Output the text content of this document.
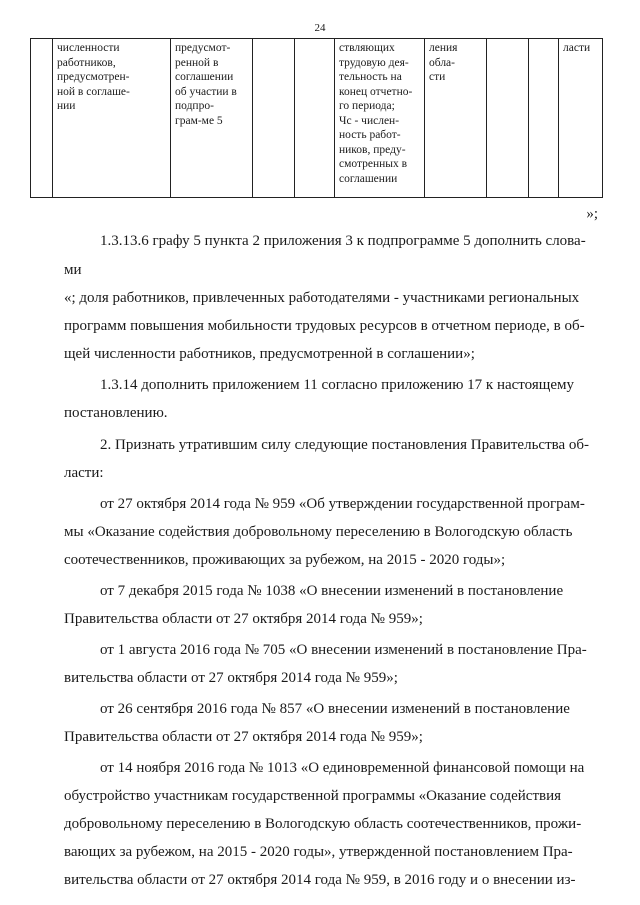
24
	численности
работников,
предусмотрен-
ной в соглаше-
нии	предусмот-
ренной в
соглашении
об участии в
подпро-
грам-ме 5			ствляющих
трудовую дея-
тельность на
конец отчетно-
го периода;
Чс - числен-
ность работ-
ников, преду-
смотренных в
соглашении	ления
обла-
сти			ласти
»;
1.3.13.6 графу 5 пункта 2 приложения 3 к подпрограмме 5 дополнить слова-
ми
«; доля работников, привлеченных работодателями - участниками региональных
программ повышения мобильности трудовых ресурсов в отчетном периоде, в об-
щей численности работников, предусмотренной в соглашении»;
1.3.14 дополнить приложением 11 согласно приложению 17 к настоящему
постановлению.
2. Признать утратившим силу следующие постановления Правительства об-
ласти:
от 27 октября 2014 года № 959 «Об утверждении государственной програм-
мы «Оказание содействия добровольному переселению в Вологодскую область
соотечественников, проживающих за рубежом, на 2015 - 2020 годы»;
от 7 декабря 2015 года № 1038 «О внесении изменений в постановление
Правительства области от 27 октября 2014 года № 959»;
от 1 августа 2016 года № 705 «О внесении изменений в постановление Пра-
вительства области от 27 октября 2014 года № 959»;
от 26 сентября 2016 года № 857 «О внесении изменений в постановление
Правительства области от 27 октября 2014 года № 959»;
от 14 ноября 2016 года № 1013 «О единовременной финансовой помощи на
обустройство участникам государственной программы «Оказание содействия
добровольному переселению в Вологодскую область соотечественников, прожи-
вающих за рубежом, на 2015 - 2020 годы», утвержденной постановлением Пра-
вительства области от 27 октября 2014 года № 959, в 2016 году и о внесении из-
